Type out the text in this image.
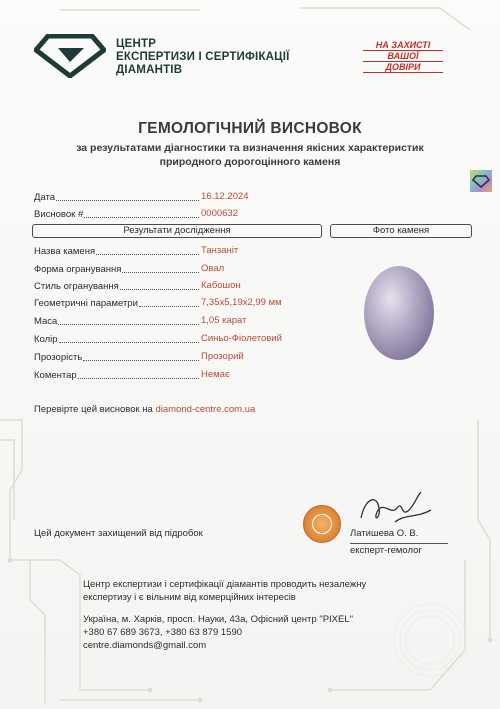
ЦЕНТР
ЕКСПЕРТИЗИ І СЕРТИФІКАЦІЇ
ДІАМАНТІВ
НА ЗАХИСТІ
ВАШОЇ
ДОВІРИ
ГЕМОЛОГІЧНИЙ ВИСНОВОК
за результатами діагностики та визначення якісних характеристик
природного дорогоцінного каменя
Дата	16.12.2024
Висновок #	0000632
Результати дослідження	Фото каменя
Назва каменя	Танзаніт
Форма огранування	Овал
Стиль огранування	Кабошон
Геометричні параметри	7,35х5,19х2,99 мм
Маса	1,05 карат
Колір	Синьо-Фіолетовий
Прозорість	Прозорий
Коментар	Немає
Перевірте цей висновок на diamond-centre.com.ua
Цей документ захищений від підробок	Латишева О. В.
експерт-гемолог
Центр експертизи і сертифікації діамантів проводить незалежну
експертизу і є вільним від комерційних інтересів
Україна, м. Харків, просп. Науки, 43а, Офісний центр "PIXEL"
+380 67 689 3673, +380 63 879 1590
centre.diamonds@gmail.com
